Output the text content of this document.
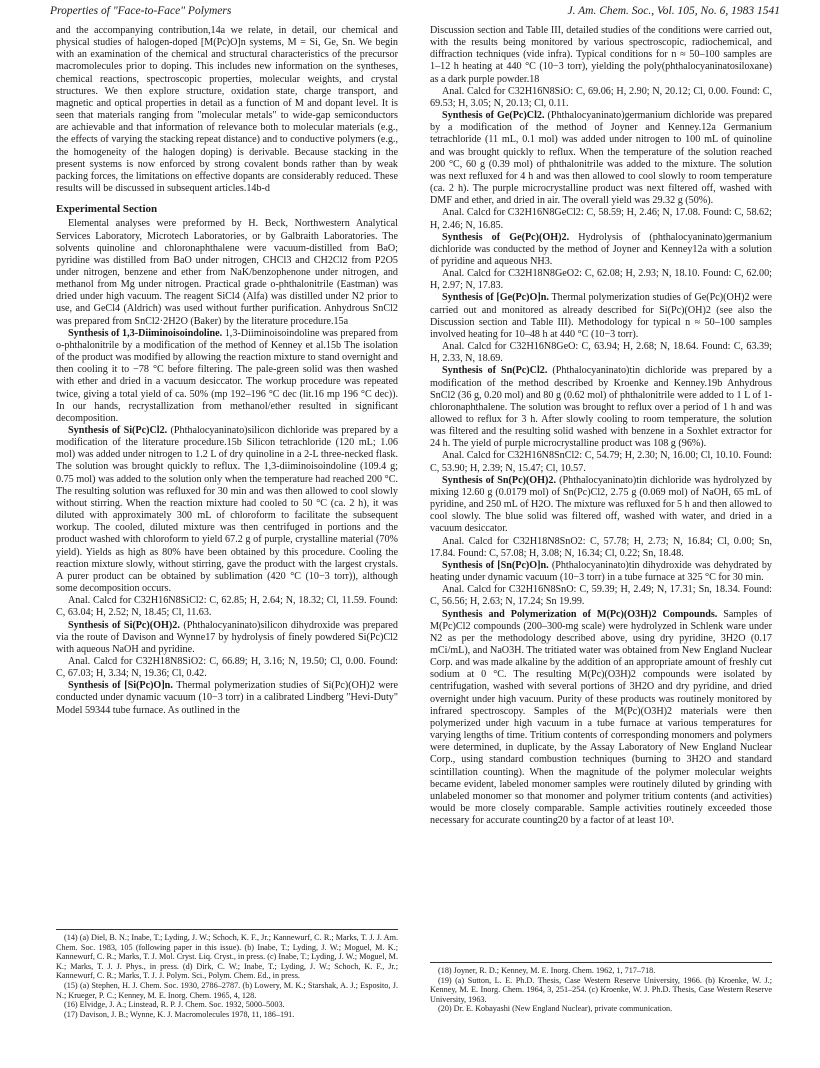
Properties of "Face-to-Face" Polymers	J. Am. Chem. Soc., Vol. 105, No. 6, 1983 1541

and the accompanying contribution,14a we relate, in detail, our chemical and physical studies of halogen-doped [M(Pc)O]n systems, M = Si, Ge, Sn. We begin with an examination of the chemical and structural characteristics of the precursor macromolecules prior to doping. This includes new information on the syntheses, chemical reactions, spectroscopic properties, molecular weights, and crystal structures. We then explore structure, oxidation state, charge transport, and magnetic and optical properties in detail as a function of M and dopant level. It is seen that materials ranging from "molecular metals" to wide-gap semiconductors are achievable and that information of relevance both to molecular materials (e.g., the effects of varying the stacking repeat distance) and to conductive polymers (e.g., the homogeneity of the halogen doping) is derivable. Because stacking in the present systems is now enforced by strong covalent bonds rather than by weak packing forces, the limitations on effective dopants are considerably reduced. These results will be discussed in subsequent articles.14b-d

Experimental Section

Elemental analyses were preformed by H. Beck, Northwestern Analytical Services Laboratory, Microtech Laboratories, or by Galbraith Laboratories. The solvents quinoline and chloronaphthalene were vacuum-distilled from BaO; pyridine was distilled from BaO under nitrogen, CHCl3 and CH2Cl2 from P2O5 under nitrogen, benzene and ether from NaK/benzophenone under nitrogen, and methanol from Mg under nitrogen. Practical grade o-phthalonitrile (Eastman) was dried under high vacuum. The reagent SiCl4 (Alfa) was distilled under N2 prior to use, and GeCl4 (Aldrich) was used without further purification. Anhydrous SnCl2 was prepared from SnCl2·2H2O (Baker) by the literature procedure.15a

Synthesis of 1,3-Diiminoisoindoline. 1,3-Diiminoisoindoline was prepared from o-phthalonitrile by a modification of the method of Kenney et al.15b The isolation of the product was modified by allowing the reaction mixture to stand overnight and then cooling it to −78 °C before filtering. The pale-green solid was then washed with ether and dried in a vacuum desiccator. The workup procedure was repeated twice, giving a total yield of ca. 50% (mp 192–196 °C dec (lit.16 mp 196 °C dec)). In our hands, recrystallization from methanol/ether resulted in significant decomposition.

Synthesis of Si(Pc)Cl2. (Phthalocyaninato)silicon dichloride was prepared by a modification of the literature procedure.15b Silicon tetrachloride (120 mL; 1.06 mol) was added under nitrogen to 1.2 L of dry quinoline in a 2-L three-necked flask. The solution was brought quickly to reflux. The 1,3-diiminoisoindoline (109.4 g; 0.75 mol) was added to the solution only when the temperature had reached 200 °C. The resulting solution was refluxed for 30 min and was then allowed to cool slowly without stirring. When the reaction mixture had cooled to 50 °C (ca. 2 h), it was diluted with approximately 300 mL of chloroform to facilitate the subsequent workup. The cooled, diluted mixture was then centrifuged in portions and the product washed with chloroform to yield 67.2 g of purple, crystalline material (70% yield). Yields as high as 80% have been obtained by this procedure. Cooling the reaction mixture slowly, without stirring, gave the product with the largest crystals. A purer product can be obtained by sublimation (420 °C (10−3 torr)), although some decomposition occurs.

Anal. Calcd for C32H16N8SiCl2: C, 62.85; H, 2.64; N, 18.32; Cl, 11.59. Found: C, 63.04; H, 2.52; N, 18.45; Cl, 11.63.

Synthesis of Si(Pc)(OH)2. (Phthalocyaninato)silicon dihydroxide was prepared via the route of Davison and Wynne17 by hydrolysis of finely powdered Si(Pc)Cl2 with aqueous NaOH and pyridine.

Anal. Calcd for C32H18N8SiO2: C, 66.89; H, 3.16; N, 19.50; Cl, 0.00. Found: C, 67.03; H, 3.34; N, 19.36; Cl, 0.42.

Synthesis of [Si(Pc)O]n. Thermal polymerization studies of Si(Pc)(OH)2 were conducted under dynamic vacuum (10−3 torr) in a calibrated Lindberg "Hevi-Duty" Model 59344 tube furnace. As outlined in the

Discussion section and Table III, detailed studies of the conditions were carried out, with the results being monitored by various spectroscopic, radiochemical, and diffraction techniques (vide infra). Typical conditions for n ≈ 50–100 samples are 1–12 h heating at 440 °C (10−3 torr), yielding the poly(phthalocyaninatosiloxane) as a dark purple powder.18

Anal. Calcd for C32H16N8SiO: C, 69.06; H, 2.90; N, 20.12; Cl, 0.00. Found: C, 69.53; H, 3.05; N, 20.13; Cl, 0.11.

Synthesis of Ge(Pc)Cl2. (Phthalocyaninato)germanium dichloride was prepared by a modification of the method of Joyner and Kenney.12a Germanium tetrachloride (11 mL, 0.1 mol) was added under nitrogen to 100 mL of quinoline and was brought quickly to reflux. When the temperature of the solution reached 200 °C, 60 g (0.39 mol) of phthalonitrile was added to the mixture. The solution was next refluxed for 4 h and was then allowed to cool slowly to room temperature (ca. 2 h). The purple microcrystalline product was next filtered off, washed with DMF and ether, and dried in air. The overall yield was 29.32 g (50%).

Anal. Calcd for C32H16N8GeCl2: C, 58.59; H, 2.46; N, 17.08. Found: C, 58.62; H, 2.46; N, 16.85.

Synthesis of Ge(Pc)(OH)2. Hydrolysis of (phthalocyaninato)germanium dichloride was conducted by the method of Joyner and Kenney12a with a solution of pyridine and aqueous NH3.

Anal. Calcd for C32H18N8GeO2: C, 62.08; H, 2.93; N, 18.10. Found: C, 62.00; H, 2.97; N, 17.83.

Synthesis of [Ge(Pc)O]n. Thermal polymerization studies of Ge(Pc)(OH)2 were carried out and monitored as already described for Si(Pc)(OH)2 (see also the Discussion section and Table III). Methodology for typical n ≈ 50–100 samples involved heating for 10–48 h at 440 °C (10−3 torr).

Anal. Calcd for C32H16N8GeO: C, 63.94; H, 2.68; N, 18.64. Found: C, 63.39; H, 2.33, N, 18.69.

Synthesis of Sn(Pc)Cl2. (Phthalocyaninato)tin dichloride was prepared by a modification of the method described by Kroenke and Kenney.19b Anhydrous SnCl2 (36 g, 0.20 mol) and 80 g (0.62 mol) of phthalonitrile were added to 1 L of 1-chloronaphthalene. The solution was brought to reflux over a period of 1 h and was allowed to reflux for 3 h. After slowly cooling to room temperature, the solution was filtered and the resulting solid washed with benzene in a Soxhlet extractor for 24 h. The yield of purple microcrystalline product was 108 g (96%).

Anal. Calcd for C32H16N8SnCl2: C, 54.79; H, 2.30; N, 16.00; Cl, 10.10. Found: C, 53.90; H, 2.39; N, 15.47; Cl, 10.57.

Synthesis of Sn(Pc)(OH)2. (Phthalocyaninato)tin dichloride was hydrolyzed by mixing 12.60 g (0.0179 mol) of Sn(Pc)Cl2, 2.75 g (0.069 mol) of NaOH, 65 mL of pyridine, and 250 mL of H2O. The mixture was refluxed for 5 h and then allowed to cool slowly. The blue solid was filtered off, washed with water, and dried in a vacuum desiccator.

Anal. Calcd for C32H18N8SnO2: C, 57.78; H, 2.73; N, 16.84; Cl, 0.00; Sn, 17.84. Found: C, 57.08; H, 3.08; N, 16.34; Cl, 0.22; Sn, 18.48.

Synthesis of [Sn(Pc)O]n. (Phthalocyaninato)tin dihydroxide was dehydrated by heating under dynamic vacuum (10−3 torr) in a tube furnace at 325 °C for 30 min.

Anal. Calcd for C32H16N8SnO: C, 59.39; H, 2.49; N, 17.31; Sn, 18.34. Found: C, 56.56; H, 2.63; N, 17.24; Sn 19.99.

Synthesis and Polymerization of M(Pc)(O3H)2 Compounds. Samples of M(Pc)Cl2 compounds (200–300-mg scale) were hydrolyzed in Schlenk ware under N2 as per the methodology described above, using dry pyridine, 3H2O (0.17 mCi/mL), and NaO3H. The tritiated water was obtained from New England Nuclear Corp. and was made alkaline by the addition of an appropriate amount of freshly cut sodium at 0 °C. The resulting M(Pc)(O3H)2 compounds were isolated by centrifugation, washed with several portions of 3H2O and dry pyridine, and dried overnight under high vacuum. Purity of these products was routinely monitored by infrared spectroscopy. Samples of the M(Pc)(O3H)2 materials were then polymerized under high vacuum in a tube furnace at various temperatures for varying lengths of time. Tritium contents of corresponding monomers and polymers were determined, in duplicate, by the Assay Laboratory of New England Nuclear Corp., using standard combustion techniques (burning to 3H2O and standard scintillation counting). When the magnitude of the polymer molecular weights became evident, labeled monomer samples were routinely diluted by grinding with unlabeled monomer so that monomer and polymer tritium contents (and activities) would be more closely comparable. Sample activities routinely exceeded those necessary for accurate counting20 by a factor of at least 10³.

(14) (a) Diel, B. N.; Inabe, T.; Lyding, J. W.; Schoch, K. F., Jr.; Kannewurf, C. R.; Marks, T. J. J. Am. Chem. Soc. 1983, 105 (following paper in this issue). (b) Inabe, T.; Lyding, J. W.; Moguel, M. K.; Kannewurf, C. R.; Marks, T. J. Mol. Cryst. Liq. Cryst., in press. (c) Inabe, T.; Lyding, J. W.; Moguel, M. K.; Marks, T. J. J. Phys., in press. (d) Dirk, C. W.; Inabe, T.; Lyding, J. W.; Schoch, K. F., Jr.; Kannewurf, C. R.; Marks, T. J. J. Polym. Sci., Polym. Chem. Ed., in press.

(15) (a) Stephen, H. J. Chem. Soc. 1930, 2786–2787. (b) Lowery, M. K.; Starshak, A. J.; Esposito, J. N.; Krueger, P. C.; Kenney, M. E. Inorg. Chem. 1965, 4, 128.

(16) Elvidge, J. A.; Linstead, R. P. J. Chem. Soc. 1932, 5000–5003.

(17) Davison, J. B.; Wynne, K. J. Macromolecules 1978, 11, 186–191.

(18) Joyner, R. D.; Kenney, M. E. Inorg. Chem. 1962, 1, 717–718.

(19) (a) Sutton, L. E. Ph.D. Thesis, Case Western Reserve University, 1966. (b) Kroenke, W. J.; Kenney, M. E. Inorg. Chem. 1964, 3, 251–254. (c) Kroenke, W. J. Ph.D. Thesis, Case Western Reserve University, 1963.

(20) Dr. E. Kobayashi (New England Nuclear), private communication.
